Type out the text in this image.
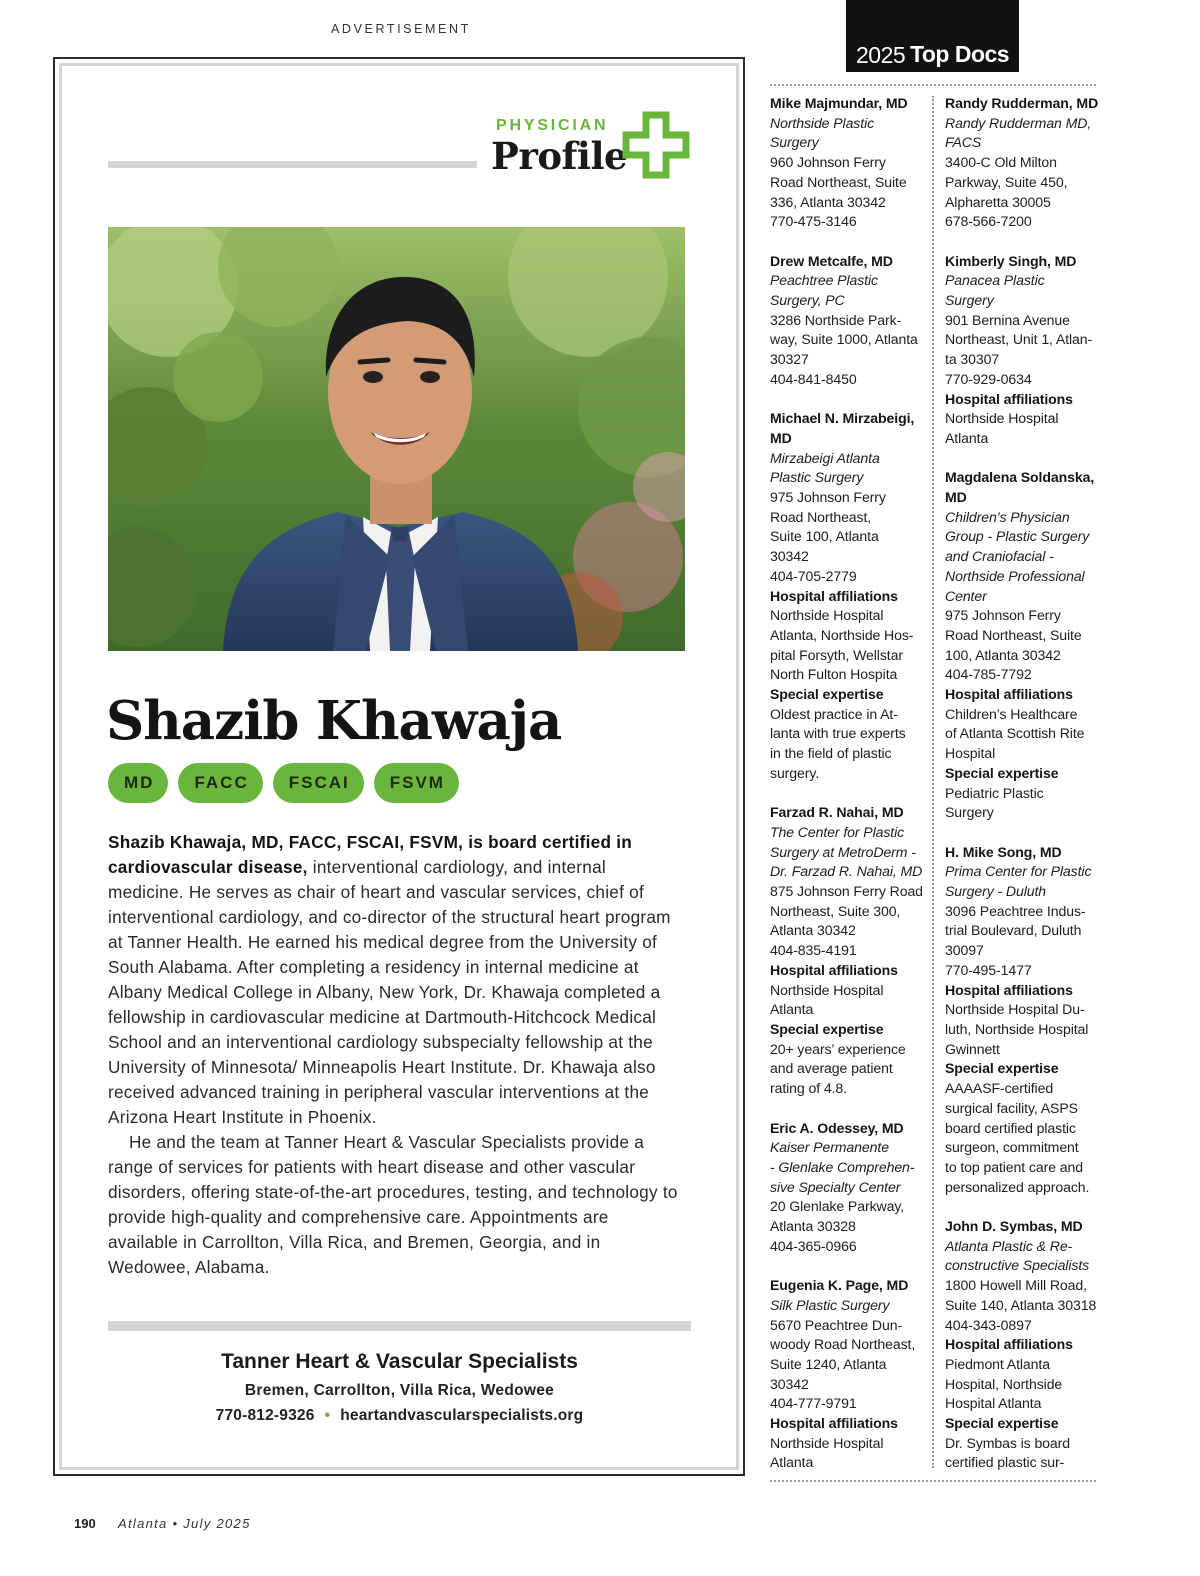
ADVERTISEMENT
PHYSICIAN
Profile
Shazib Khawaja
MD	FACC	FSCAI	FSVM

Shazib Khawaja, MD, FACC, FSCAI, FSVM, is board certified in cardiovascular disease, interventional cardiology, and internal medicine. He serves as chair of heart and vascular services, chief of interventional cardiology, and co-director of the structural heart program at Tanner Health. He earned his medical degree from the University of South Alabama. After completing a residency in internal medicine at Albany Medical College in Albany, New York, Dr. Khawaja completed a fellowship in cardiovascular medicine at Dartmouth-Hitchcock Medical School and an interventional cardiology subspecialty fellowship at the University of Minnesota/ Minneapolis Heart Institute. Dr. Khawaja also received advanced training in peripheral vascular interventions at the Arizona Heart Institute in Phoenix.

He and the team at Tanner Heart & Vascular Specialists provide a range of services for patients with heart disease and other vascular disorders, offering state-of-the-art procedures, testing, and technology to provide high-quality and comprehensive care. Appointments are available in Carrollton, Villa Rica, and Bremen, Georgia, and in Wedowee, Alabama.

Tanner Heart & Vascular Specialists
Bremen, Carrollton, Villa Rica, Wedowee
770-812-9326 • heartandvascularspecialists.org
2025 Top Docs
Mike Majmundar, MD
Northside Plastic
Surgery
960 Johnson Ferry
Road Northeast, Suite
336, Atlanta 30342
770-475-3146
Drew Metcalfe, MD
Peachtree Plastic
Surgery, PC
3286 Northside Park-
way, Suite 1000, Atlanta
30327
404-841-8450
Michael N. Mirzabeigi,
MD
Mirzabeigi Atlanta
Plastic Surgery
975 Johnson Ferry
Road Northeast,
Suite 100, Atlanta
30342
404-705-2779
Hospital affiliations
Northside Hospital
Atlanta, Northside Hos-
pital Forsyth, Wellstar
North Fulton Hospita
Special expertise
Oldest practice in At-
lanta with true experts
in the field of plastic
surgery.
Farzad R. Nahai, MD
The Center for Plastic
Surgery at MetroDerm -
Dr. Farzad R. Nahai, MD
875 Johnson Ferry Road
Northeast, Suite 300,
Atlanta 30342
404-835-4191
Hospital affiliations
Northside Hospital
Atlanta
Special expertise
20+ years’ experience
and average patient
rating of 4.8.
Eric A. Odessey, MD
Kaiser Permanente
- Glenlake Comprehen-
sive Specialty Center
20 Glenlake Parkway,
Atlanta 30328
404-365-0966
Eugenia K. Page, MD
Silk Plastic Surgery
5670 Peachtree Dun-
woody Road Northeast,
Suite 1240, Atlanta
30342
404-777-9791
Hospital affiliations
Northside Hospital
Atlanta
Randy Rudderman, MD
Randy Rudderman MD,
FACS
3400-C Old Milton
Parkway, Suite 450,
Alpharetta 30005
678-566-7200
Kimberly Singh, MD
Panacea Plastic
Surgery
901 Bernina Avenue
Northeast, Unit 1, Atlan-
ta 30307
770-929-0634
Hospital affiliations
Northside Hospital
Atlanta
Magdalena Soldanska,
MD
Children’s Physician
Group - Plastic Surgery
and Craniofacial -
Northside Professional
Center
975 Johnson Ferry
Road Northeast, Suite
100, Atlanta 30342
404-785-7792
Hospital affiliations
Children’s Healthcare
of Atlanta Scottish Rite
Hospital
Special expertise
Pediatric Plastic
Surgery
H. Mike Song, MD
Prima Center for Plastic
Surgery - Duluth
3096 Peachtree Indus-
trial Boulevard, Duluth
30097
770-495-1477
Hospital affiliations
Northside Hospital Du-
luth, Northside Hospital
Gwinnett
Special expertise
AAAASF-certified
surgical facility, ASPS
board certified plastic
surgeon, commitment
to top patient care and
personalized approach.
John D. Symbas, MD
Atlanta Plastic & Re-
constructive Specialists
1800 Howell Mill Road,
Suite 140, Atlanta 30318
404-343-0897
Hospital affiliations
Piedmont Atlanta
Hospital, Northside
Hospital Atlanta
Special expertise
Dr. Symbas is board
certified plastic sur-
190 Atlanta • July 2025
